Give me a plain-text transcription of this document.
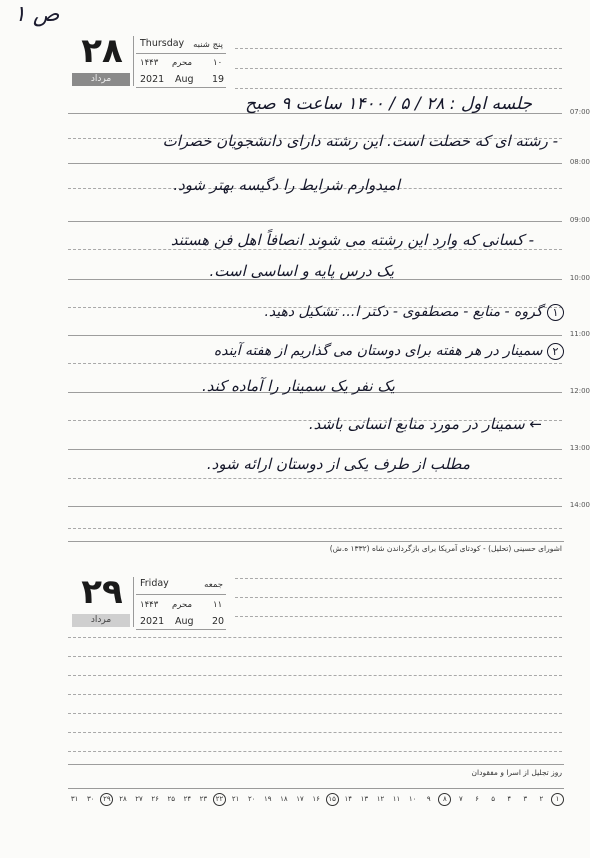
ص ۱
۲۸
مرداد
Thursday پنج شنبه
۱۴۴۳ محرم ۱۰
2021 Aug 19
07:00
08:00
09:00
10:00
11:00
12:00
13:00
14:00
جلسه اول : ۲۸ / ۵ / ۱۴۰۰ ساعت ۹ صبح
- رشته ای که خصلت است. این رشته دارای دانشجویان خصرات
امیدوارم شرایط را دگیسه بهتر شود.
- کسانی که وارد این رشته می شوند انصافاً اهل فن هستند
یک درس پایه و اساسی است.
۱ گروه - منابع - مصطفوی - دکتر ا... تشکیل دهید.
۲ سمینار در هر هفته برای دوستان می گذاریم از هفته آینده
یک نفر یک سمینار را آماده کند.
← سمینار در مورد منابع انسانی باشد.
مطلب از طرف یکی از دوستان ارائه شود.
اشورای حسینی (تحلیل) - کودتای آمریکا برای بازگرداندن شاه (۱۳۳۲ ه.ش)
۲۹
مرداد
Friday	جمعه
۱۴۴۳ محرم ۱۱
2021 Aug 20
روز تجلیل از اسرا و مفقودان
۱
۲
۳
۴
۵
۶
۷
۸
۹
۱۰
۱۱
۱۲
۱۳
۱۴
۱۵
۱۶
۱۷
۱۸
۱۹
۲۰
۲۱
۲۲
۲۳
۲۴
۲۵
۲۶
۲۷
۲۸
۲۹
۳۰
۳۱
